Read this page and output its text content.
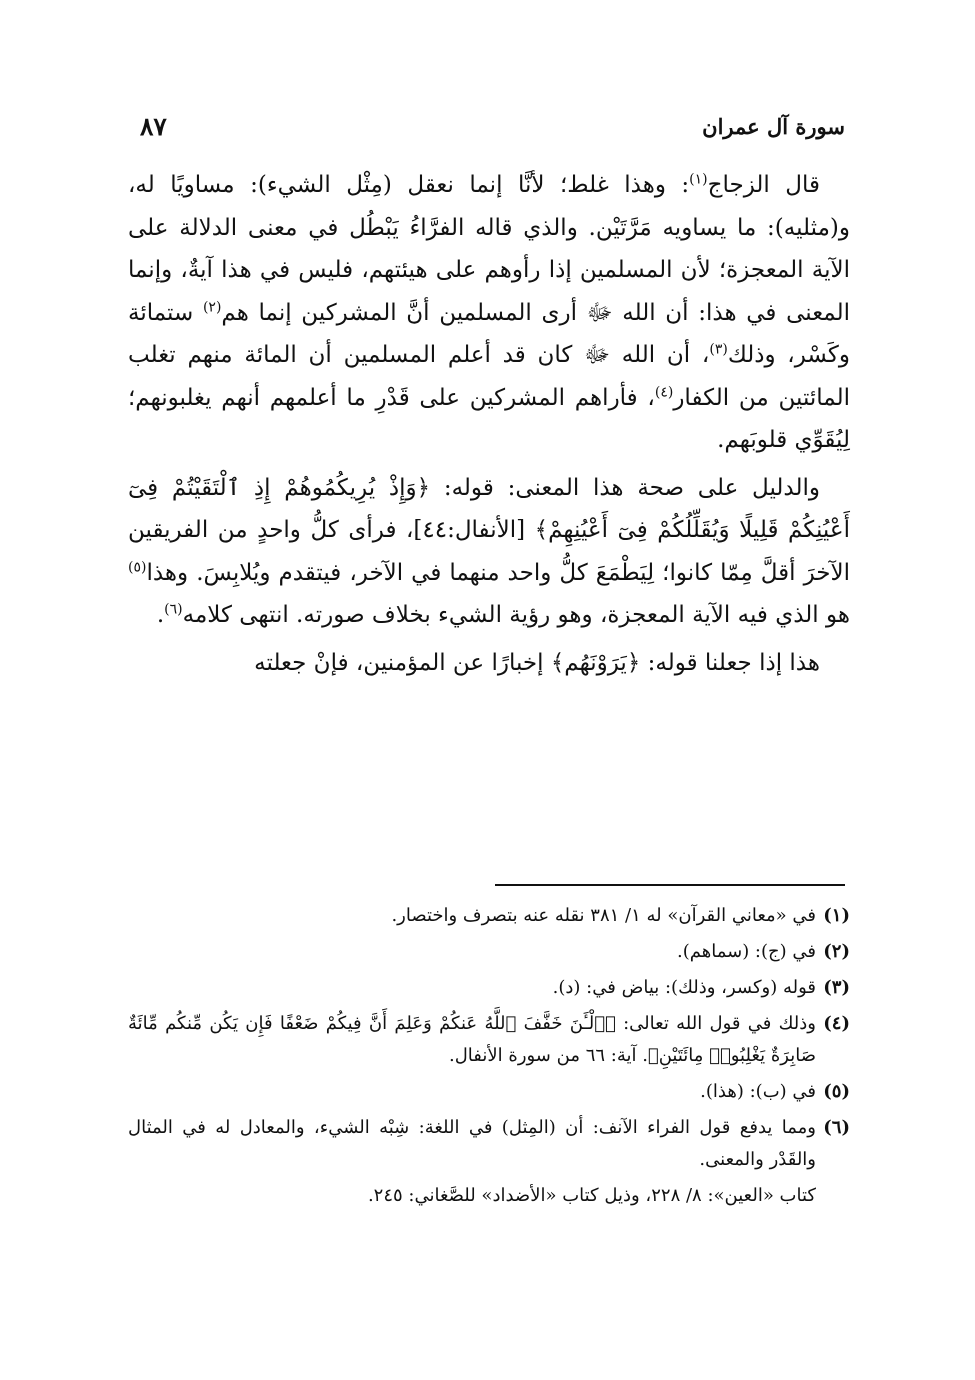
سورة آل عمران
٨٧

قال الزجاج$^{(١)}$: وهذا غلط؛ لأنَّا إنما نعقل (مِثْل الشيء): مساويًا له، و(مثليه): ما يساويه مَرَّتَيْن. والذي قاله الفرَّاءُ يَبْطُل في معنى الدلالة على الآية المعجزة؛ لأن المسلمين إذا رأوهم على هيئتهم، فليس في هذا آيةٌ، وإنما المعنى في هذا: أن الله ﷻ أرى المسلمين أنَّ المشركين إنما هم$^{(٢)}$ ستمائة وكَسْر، وذلك$^{(٣)}$، أن الله ﷻ كان قد أعلم المسلمين أن المائة منهم تغلب المائتين من الكفار$^{(٤)}$، فأراهم المشركين على قَدْرِ ما أعلمهم أنهم يغلبونهم؛ لِيُقَوِّي قلوبَهم.

والدليل على صحة هذا المعنى: قوله: ﴿وَإِذْ يُرِيكُمُوهُمْ إِذِ ٱلْتَقَيْتُمْ فِىٓ أَعْيُنِكُمْ قَلِيلًا وَيُقَلِّلُكُمْ فِىٓ أَعْيُنِهِمْ﴾ [الأنفال:٤٤]، فرأى كلُّ واحدٍ من الفريقين الآخرَ أقلَّ مِمّا كانوا؛ لِيَطْمَعَ كلُّ واحد منهما في الآخر، فيتقدم ويُلابِسَ. وهذا$^{(٥)}$ هو الذي فيه الآية المعجزة، وهو رؤية الشيء بخلاف صورته. انتهى كلامه$^{(٦)}$.

هذا إذا جعلنا قوله: ﴿يَرَوْنَهُم﴾ إخبارًا عن المؤمنين، فإنْ جعلته

(١)
في «معاني القرآن» له ١/ ٣٨١ نقله عنه بتصرف واختصار.
(٢)
في (ج): (سماهم).
(٣)
قوله (وكسر، وذلك): بياض في: (د).
(٤)
وذلك في قول الله تعالى: ﴿ٱلْـَٔنَ خَفَّفَ ٱللَّهُ عَنكُمْ وَعَلِمَ أَنَّ فِيكُمْ ضَعْفًا فَإِن يَكُن مِّنكُم مِّائَةٌ صَابِرَةٌ يَغْلِبُوا۟ مِائَتَيْنِ﴾. آية: ٦٦ من سورة الأنفال.
(٥)
في (ب): (هذا).
(٦)
ومما يدفع قول الفراء الآنف: أن (المِثل) في اللغة: شِبْه الشيء، والمعادل له في المثال والقَدْر والمعنى.
كتاب «العين»: ٨/ ٢٢٨، وذيل كتاب «الأضداد» للصَّغاني: ٢٤٥.
